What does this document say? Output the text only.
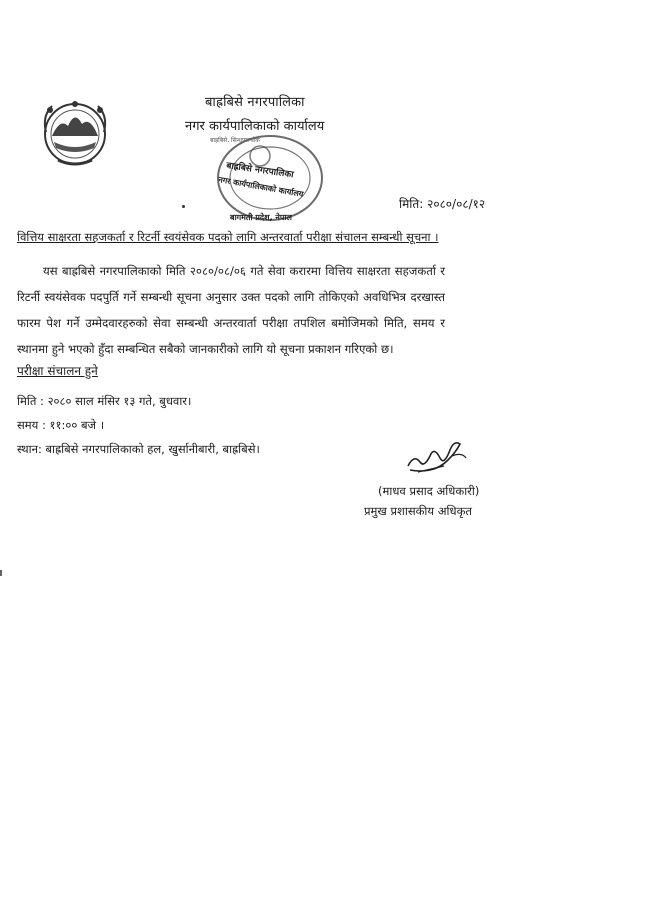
बाह्रबिसे नगरपालिका
नगर कार्यपालिकाको कार्यालय
बाह्रबिसे, सिन्धुपाल्चोक
बाह्रबिसे नगरपालिका
नगर कार्यपालिकाको कार्यालय
बागमती प्रदेश, नेपाल
मिति: २०८०/०८/१२
वित्तिय साक्षरता सहजकर्ता र रिटर्नी स्वयंसेवक पदको लागि अन्तरवार्ता परीक्षा संचालन सम्बन्धी सूचना ।
यस बाह्रबिसे नगरपालिकाको मिति २०८०/०८/०६ गते सेवा करारमा वित्तिय साक्षरता सहजकर्ता र रिटर्नी स्वयंसेवक पदपुर्ति गर्ने सम्बन्धी सूचना अनुसार उक्त पदको लागि तोकिएको अवधिभित्र दरखास्त फारम पेश गर्ने उम्मेदवारहरुको सेवा सम्बन्धी अन्तरवार्ता परीक्षा तपशिल बमोजिमको मिति, समय र स्थानमा हुने भएको हुँदा सम्बन्धित सबैको जानकारीको लागि यो सूचना प्रकाशन गरिएको छ।
परीक्षा संचालन हुने
मिति : २०८० साल मंसिर १३ गते, बुधवार।
समय : ११:०० बजे ।
स्थान: बाह्रबिसे नगरपालिकाको हल, खुर्सानीबारी, बाह्रबिसे।
(माधव प्रसाद अधिकारी)
प्रमुख प्रशासकीय अधिकृत
